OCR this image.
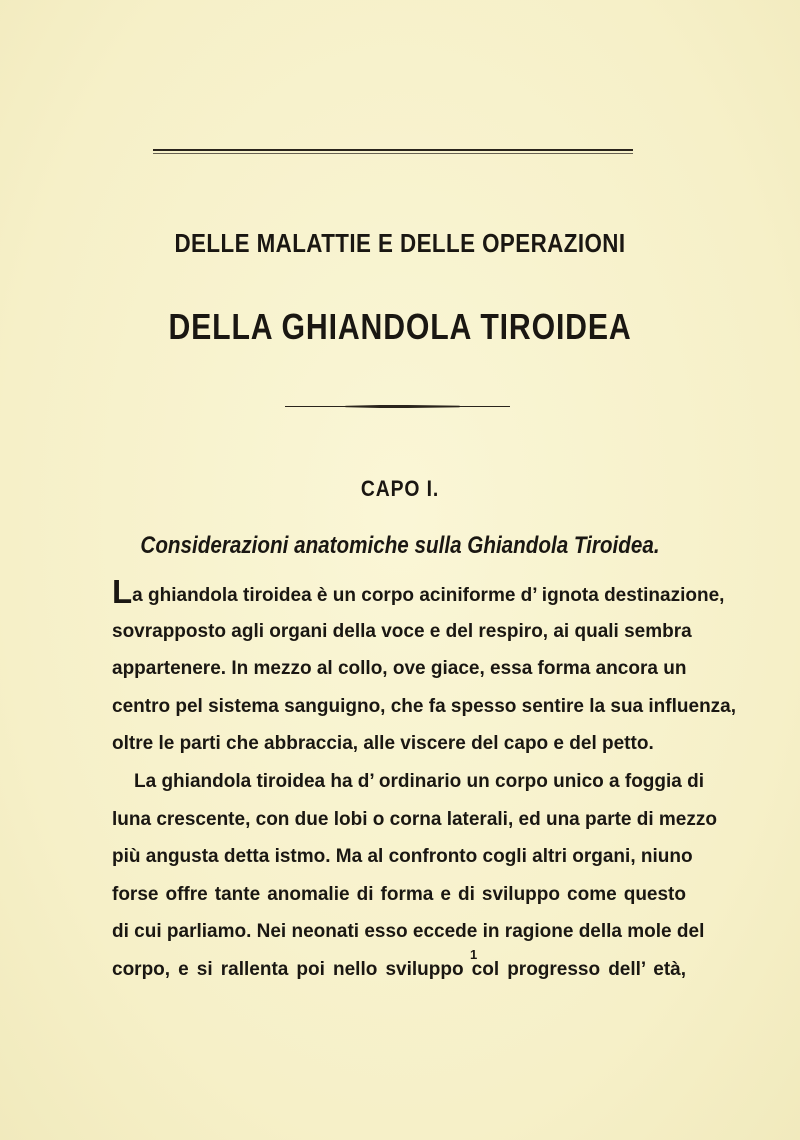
DELLE MALATTIE E DELLE OPERAZIONI
DELLA GHIANDOLA TIROIDEA
CAPO I.
Considerazioni anatomiche sulla Ghiandola Tiroidea.
La ghiandola tiroidea è un corpo aciniforme d’ ignota destinazione,
sovrapposto agli organi della voce e del respiro, ai quali sembra
appartenere. In mezzo al collo, ove giace, essa forma ancora un
centro pel sistema sanguigno, che fa spesso sentire la sua influenza,
oltre le parti che abbraccia, alle viscere del capo e del petto.
La ghiandola tiroidea ha d’ ordinario un corpo unico a foggia di
luna crescente, con due lobi o corna laterali, ed una parte di mezzo
più angusta detta istmo. Ma al confronto cogli altri organi, niuno
forse offre tante anomalie di forma e di sviluppo come questo
di cui parliamo. Nei neonati esso eccede in ragione della mole del
corpo, e si rallenta poi nello sviluppo col progresso dell’ età,
1
